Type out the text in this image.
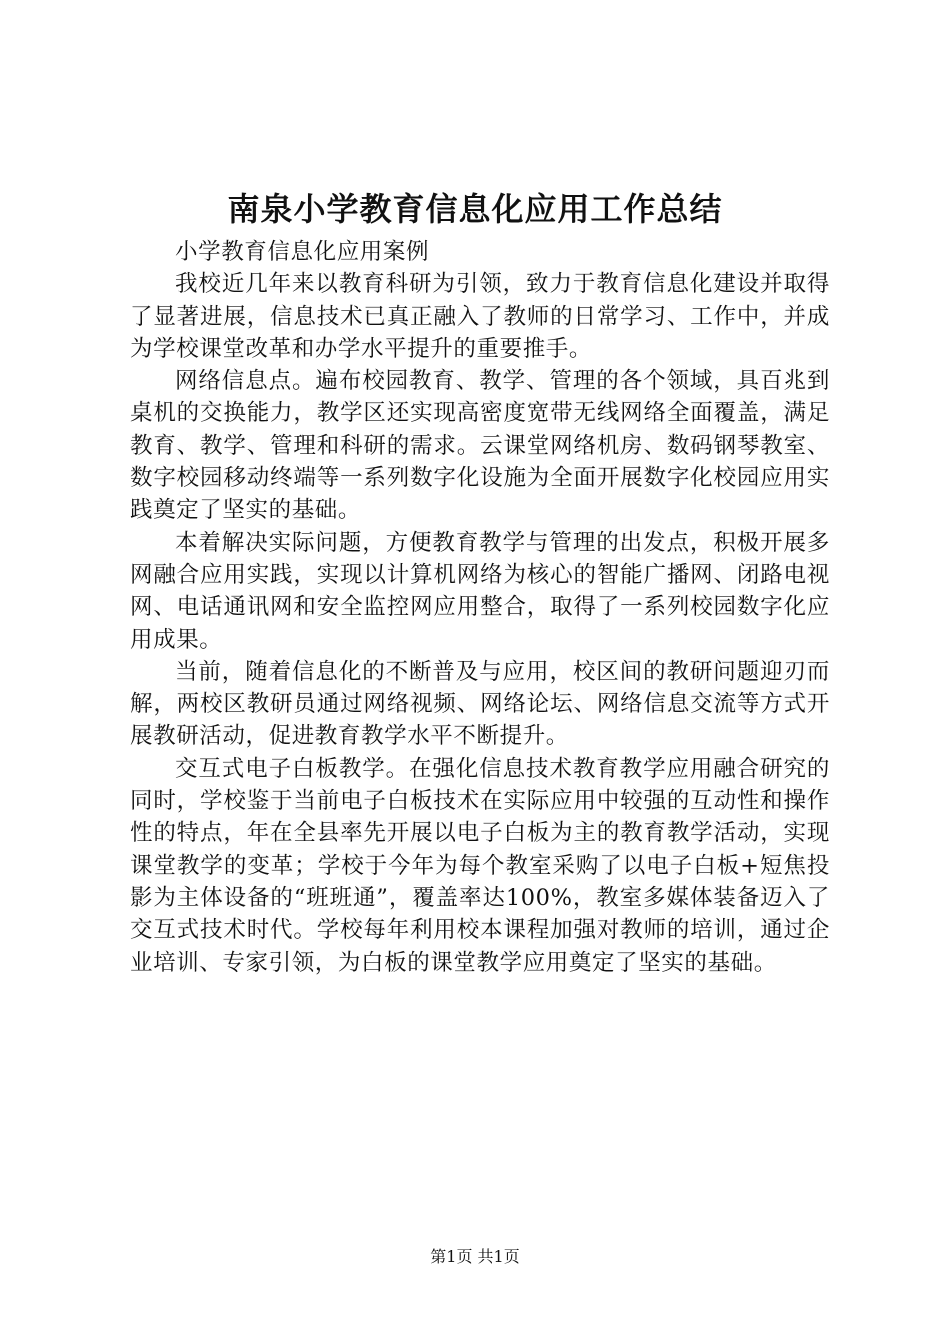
南泉小学教育信息化应用工作总结

小学教育信息化应用案例

我校近几年来以教育科研为引领，致力于教育信息化建设并取得了显著进展，信息技术已真正融入了教师的日常学习、工作中，并成为学校课堂改革和办学水平提升的重要推手。

网络信息点。遍布校园教育、教学、管理的各个领域，具百兆到桌机的交换能力，教学区还实现高密度宽带无线网络全面覆盖，满足教育、教学、管理和科研的需求。云课堂网络机房、数码钢琴教室、数字校园移动终端等一系列数字化设施为全面开展数字化校园应用实践奠定了坚实的基础。

本着解决实际问题，方便教育教学与管理的出发点，积极开展多网融合应用实践，实现以计算机网络为核心的智能广播网、闭路电视网、电话通讯网和安全监控网应用整合，取得了一系列校园数字化应用成果。

当前，随着信息化的不断普及与应用，校区间的教研问题迎刃而解，两校区教研员通过网络视频、网络论坛、网络信息交流等方式开展教研活动，促进教育教学水平不断提升。

交互式电子白板教学。在强化信息技术教育教学应用融合研究的同时，学校鉴于当前电子白板技术在实际应用中较强的互动性和操作性的特点，年在全县率先开展以电子白板为主的教育教学活动，实现课堂教学的变革；学校于今年为每个教室采购了以电子白板+短焦投影为主体设备的“班班通”，覆盖率达100%，教室多媒体装备迈入了交互式技术时代。学校每年利用校本课程加强对教师的培训，通过企业培训、专家引领，为白板的课堂教学应用奠定了坚实的基础。

第1页 共1页
